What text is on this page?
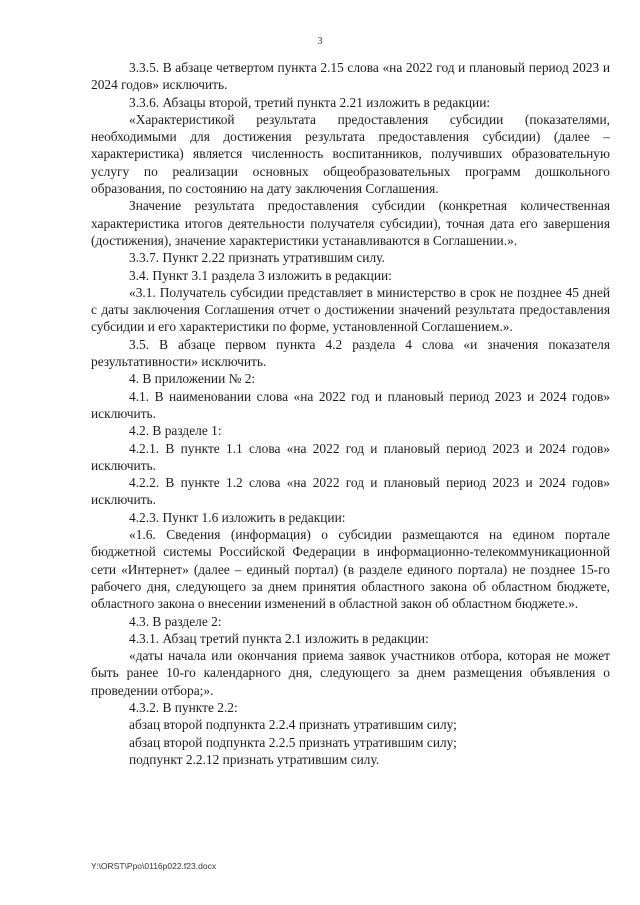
3

3.3.5. В абзаце четвертом пункта 2.15 слова «на 2022 год и плановый период 2023 и 2024 годов» исключить.

3.3.6. Абзацы второй, третий пункта 2.21 изложить в редакции:

«Характеристикой результата предоставления субсидии (показателями, необходимыми для достижения результата предоставления субсидии) (далее – характеристика) является численность воспитанников, получивших образовательную услугу по реализации основных общеобразовательных программ дошкольного образования, по состоянию на дату заключения Соглашения.

Значение результата предоставления субсидии (конкретная количественная характеристика итогов деятельности получателя субсидии), точная дата его завершения (достижения), значение характеристики устанавливаются в Соглашении.».

3.3.7. Пункт 2.22 признать утратившим силу.

3.4. Пункт 3.1 раздела 3 изложить в редакции:

«3.1. Получатель субсидии представляет в министерство в срок не позднее 45 дней с даты заключения Соглашения отчет о достижении значений результата предоставления субсидии и его характеристики по форме, установленной Соглашением.».

3.5. В абзаце первом пункта 4.2 раздела 4 слова «и значения показателя результативности» исключить.

4. В приложении № 2:

4.1. В наименовании слова «на 2022 год и плановый период 2023 и 2024 годов» исключить.

4.2. В разделе 1:

4.2.1. В пункте 1.1 слова «на 2022 год и плановый период 2023 и 2024 годов» исключить.

4.2.2. В пункте 1.2 слова «на 2022 год и плановый период 2023 и 2024 годов» исключить.

4.2.3. Пункт 1.6 изложить в редакции:

«1.6. Сведения (информация) о субсидии размещаются на едином портале бюджетной системы Российской Федерации в информационно-телекоммуникационной сети «Интернет» (далее – единый портал) (в разделе единого портала) не позднее 15-го рабочего дня, следующего за днем принятия областного закона об областном бюджете, областного закона о внесении изменений в областной закон об областном бюджете.».

4.3. В разделе 2:

4.3.1. Абзац третий пункта 2.1 изложить в редакции:

«даты начала или окончания приема заявок участников отбора, которая не может быть ранее 10-го календарного дня, следующего за днем размещения объявления о проведении отбора;».

4.3.2. В пункте 2.2:

абзац второй подпункта 2.2.4 признать утратившим силу;

абзац второй подпункта 2.2.5 признать утратившим силу;

подпункт 2.2.12 признать утратившим силу.

Y:\ORST\Ppo\0116p022.f23.docx
